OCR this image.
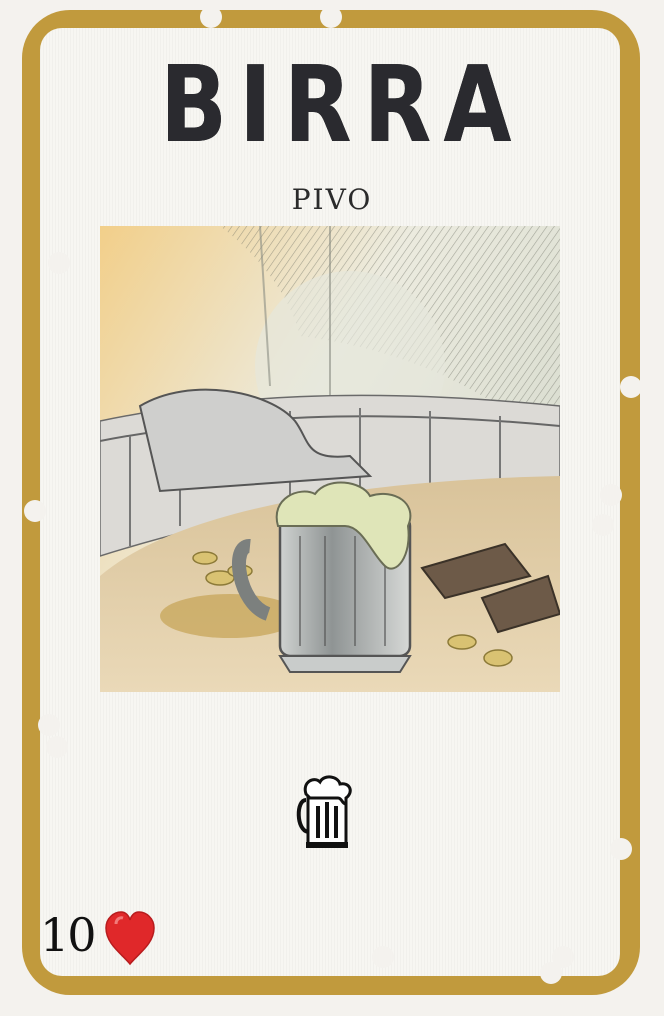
BIRRA
PIVO
10
